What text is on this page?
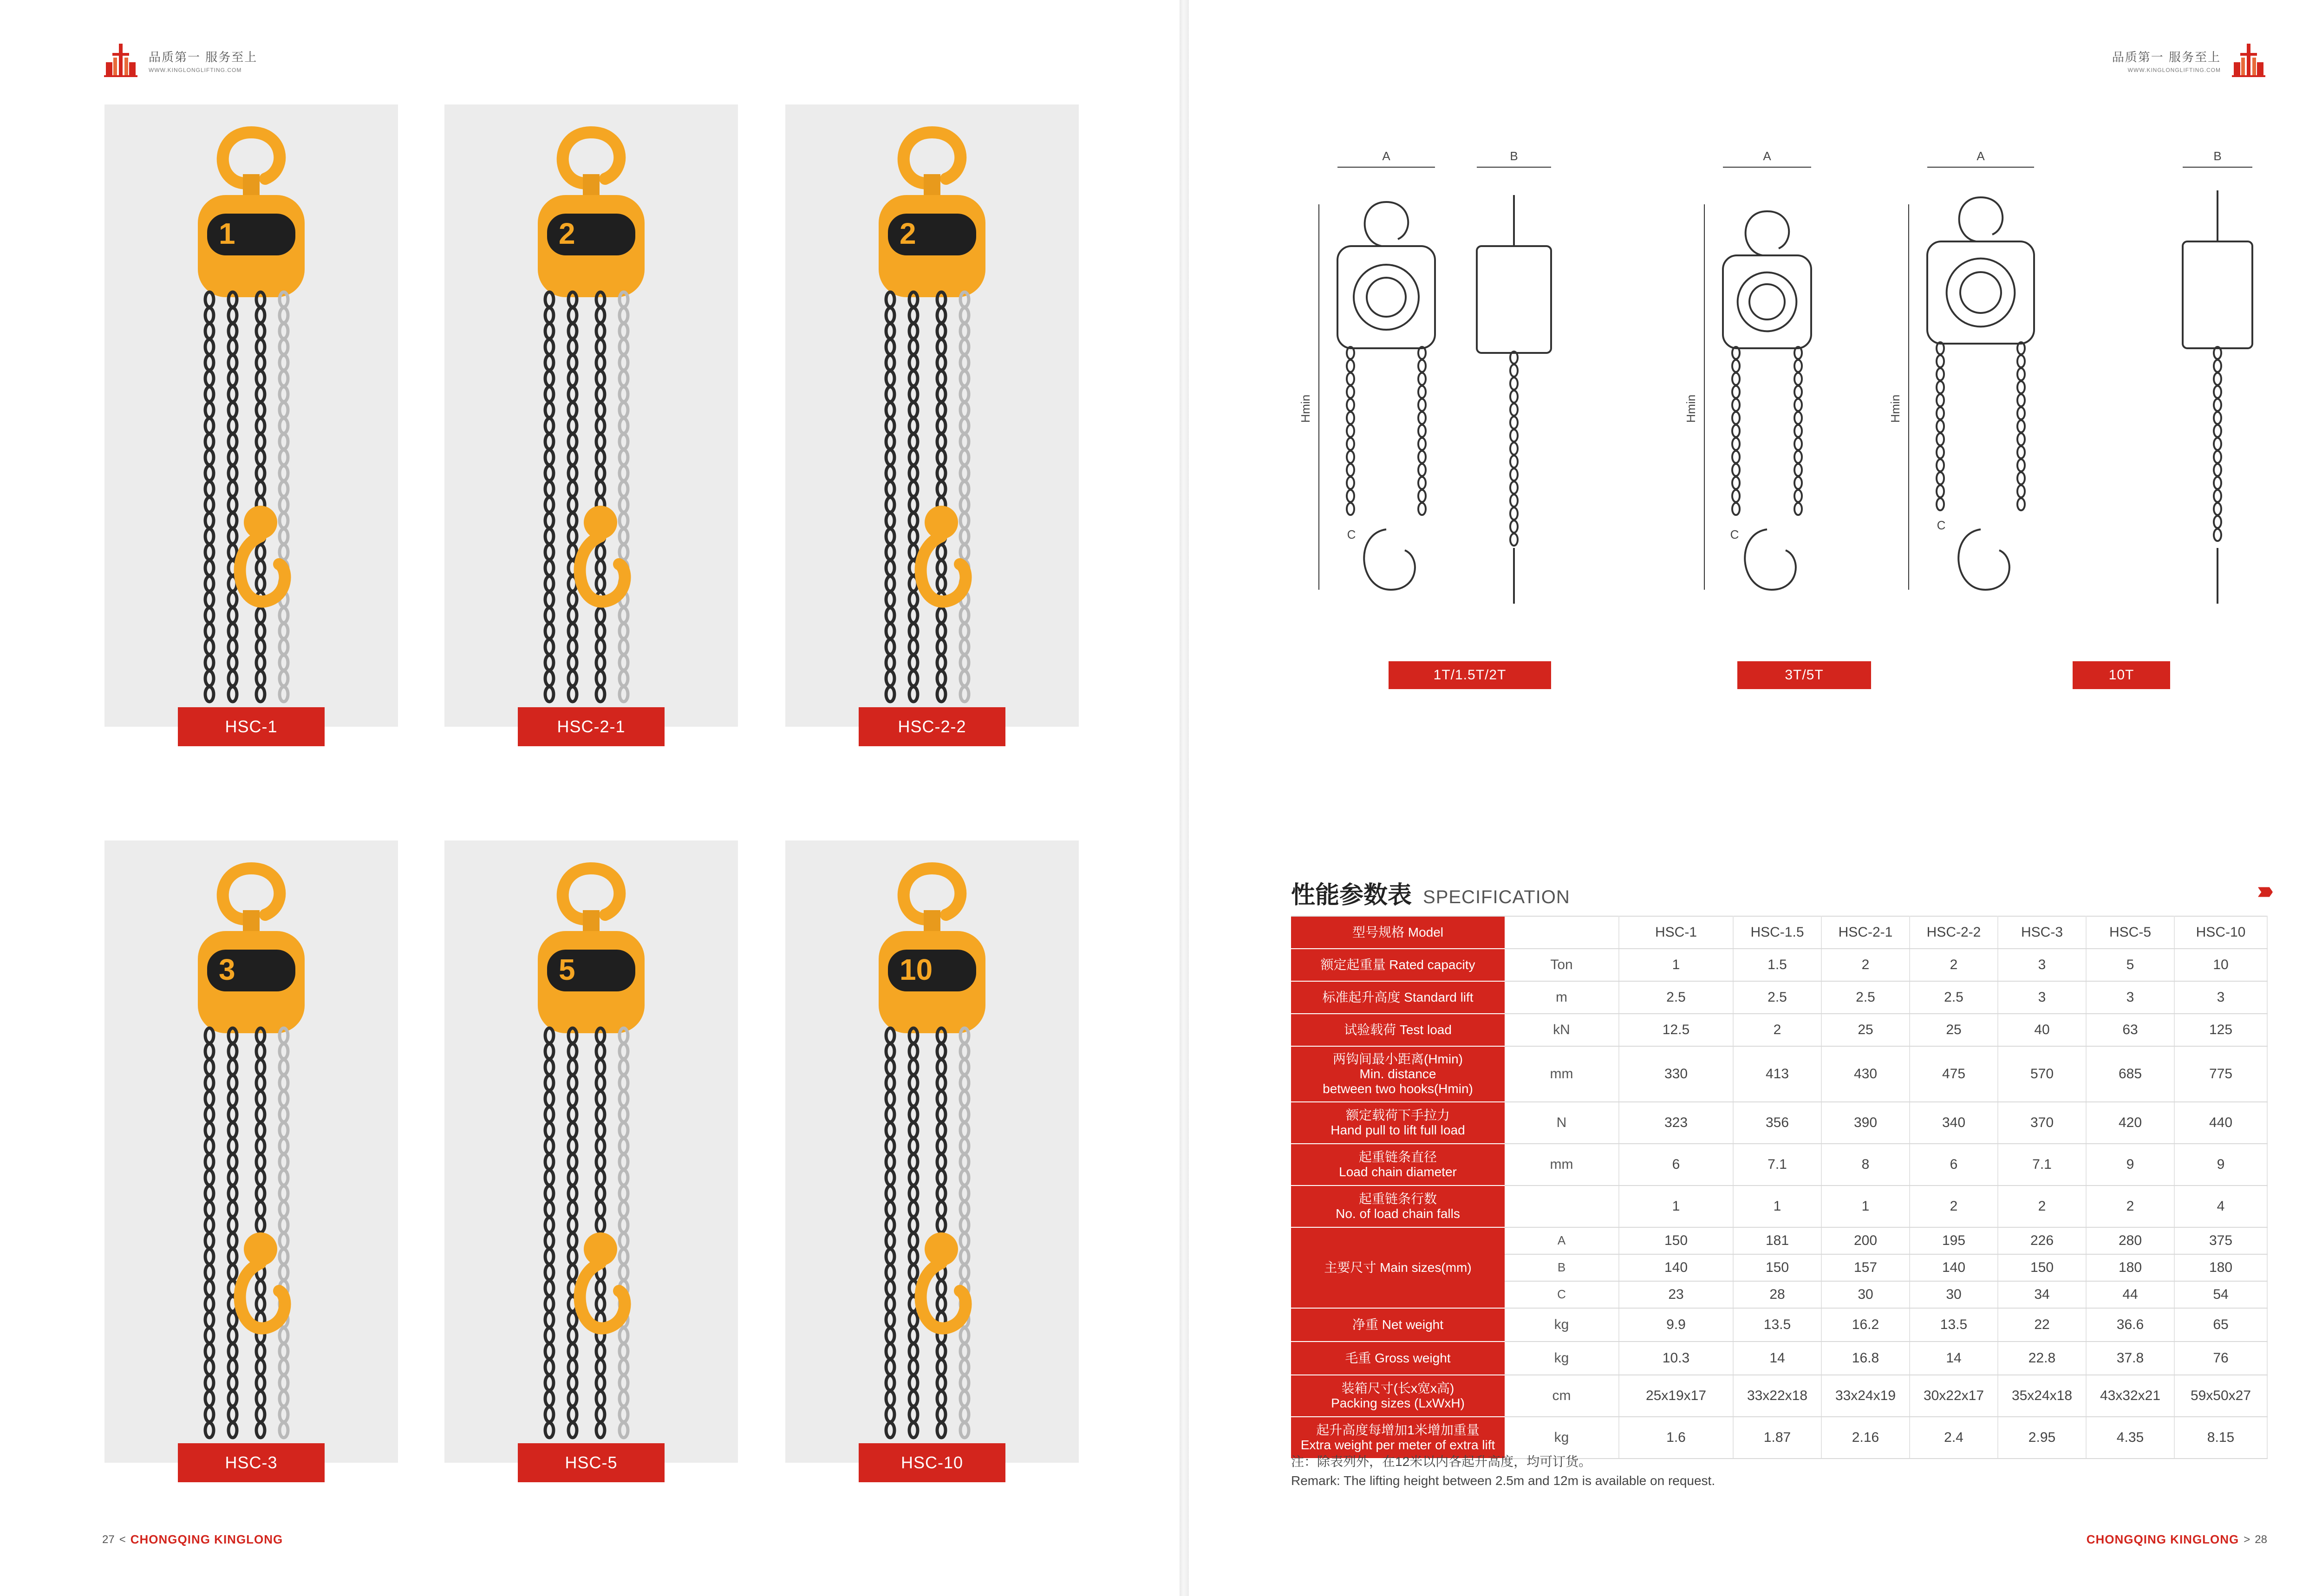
品质第一 服务至上
WWW.KINGLONGLIFTING.COM
1
HSC-1
2
HSC-2-1
2
HSC-2-2
3
HSC-3
5
HSC-5
10
HSC-10
27 < CHONGQING KINGLONG
品质第一 服务至上
WWW.KINGLONGLIFTING.COM
A	B	A	A	B
Hmin	Hmin	Hmin
C	C
C
1T/1.5T/2T	3T/5T	10T
性能参数表 SPECIFICATION	› › › ›
型号规格 Model		HSC-1	HSC-1.5	HSC-2-1	HSC-2-2	HSC-3	HSC-5	HSC-10
额定起重量 Rated capacity	Ton	1	1.5	2	2	3	5	10
标准起升高度 Standard lift	m	2.5	2.5	2.5	2.5	3	3	3
试验载荷 Test load	kN	12.5	2	25	25	40	63	125

两钩间最小距离(Hmin)
Min. distance
between two hooks(Hmin)	mm	330	413	430	475	570	685	775

额定载荷下手拉力
Hand pull to lift full load	N	323	356	390	340	370	420	440

起重链条直径
Load chain diameter	mm	6	7.1	8	6	7.1	9	9

起重链条行数
No. of load chain falls		1	1	1	2	2	2	4
主要尺寸 Main sizes(mm)	A	150	181	200	195	226	280	375
	B	140	150	157	140	150	180	180
	C	23	28	30	30	34	44	54
净重 Net weight	kg	9.9	13.5	16.2	13.5	22	36.6	65
毛重 Gross weight	kg	10.3	14	16.8	14	22.8	37.8	76

装箱尺寸(长x宽x高)
Packing sizes (LxWxH)	cm	25x19x17	33x22x18	33x24x19	30x22x17	35x24x18	43x32x21	59x50x27

起升高度每增加1米增加重量
Extra weight per meter of extra lift	kg	1.6	1.87	2.16	2.4	2.95	4.35	8.15
注：除表列外，在12米以内各起升高度，均可订货。
Remark: The lifting height between 2.5m and 12m is available on request.
CHONGQING KINGLONG > 28
